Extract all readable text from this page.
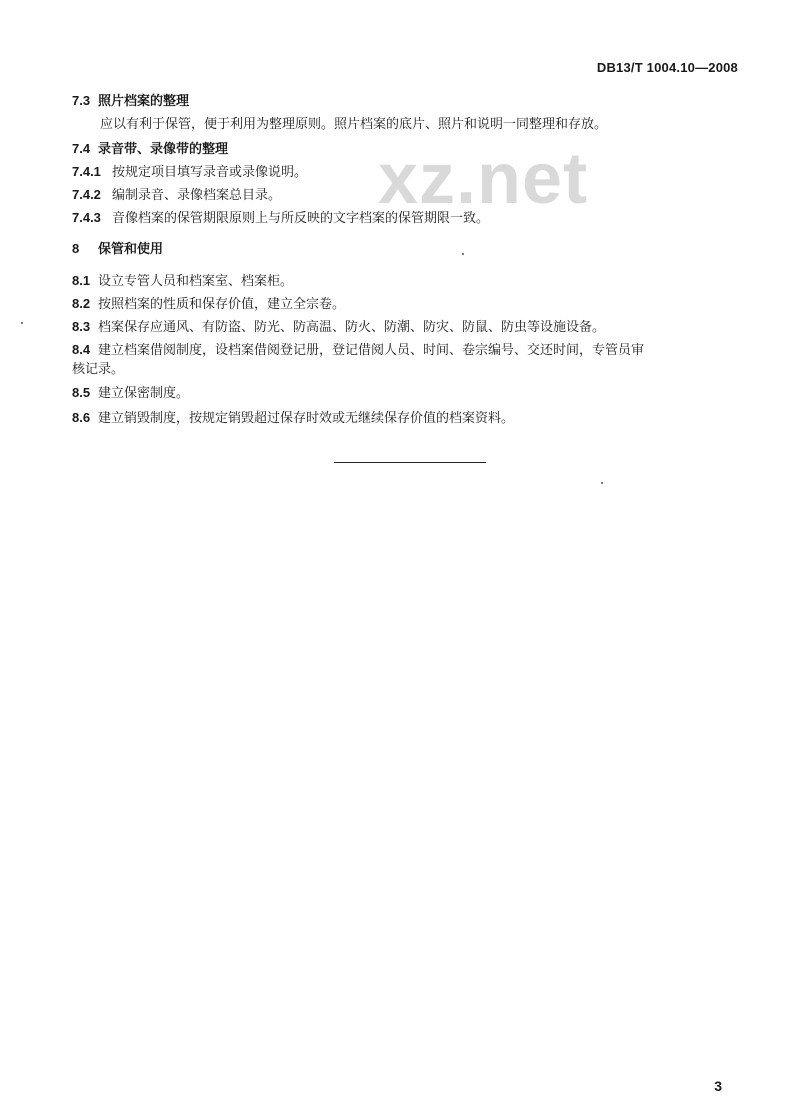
DB13/T 1004.10—2008
xz.net
7.3 照片档案的整理
应以有利于保管，便于利用为整理原则。照片档案的底片、照片和说明一同整理和存放。
7.4 录音带、录像带的整理
7.4.1 按规定项目填写录音或录像说明。
7.4.2 编制录音、录像档案总目录。
7.4.3 音像档案的保管期限原则上与所反映的文字档案的保管期限一致。
8 保管和使用
8.1 设立专管人员和档案室、档案柜。
8.2 按照档案的性质和保存价值，建立全宗卷。
8.3 档案保存应通风、有防盗、防光、防高温、防火、防潮、防灾、防鼠、防虫等设施设备。
8.4 建立档案借阅制度，设档案借阅登记册，登记借阅人员、时间、卷宗编号、交还时间，专管员审
核记录。
8.5 建立保密制度。
8.6 建立销毁制度，按规定销毁超过保存时效或无继续保存价值的档案资料。
3
